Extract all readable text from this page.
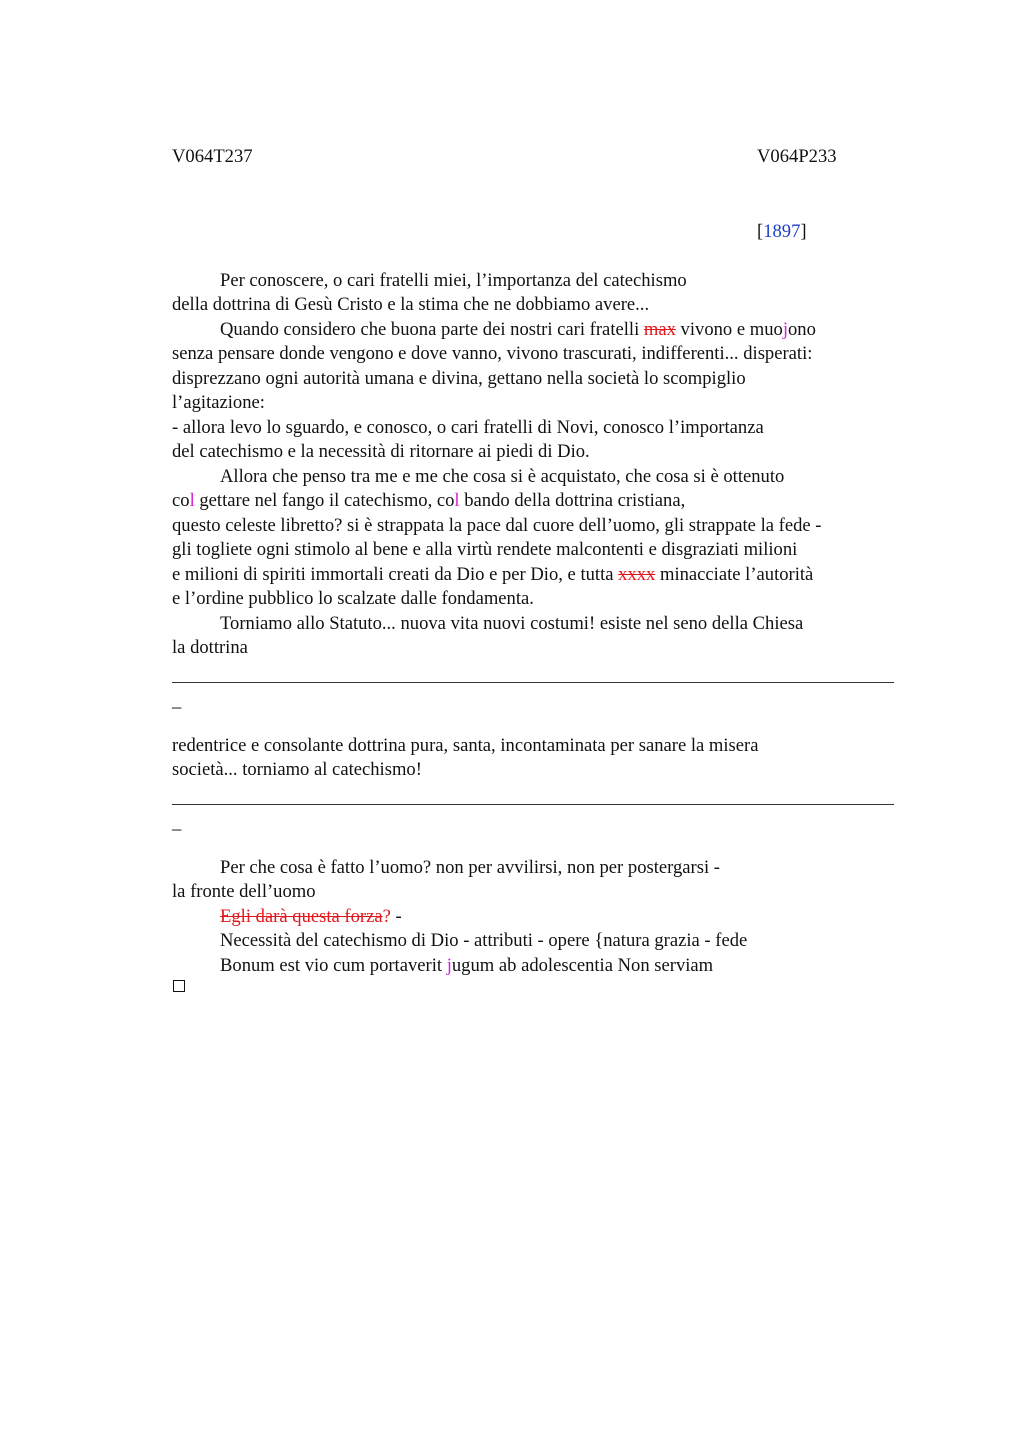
V064T237	V064P233
[1897]
Per conoscere, o cari fratelli miei, l’importanza del catechismo
della dottrina di Gesù Cristo e la stima che ne dobbiamo avere...
Quando considero che buona parte dei nostri cari fratelli max vivono e muojono
senza pensare donde vengono e dove vanno, vivono trascurati, indifferenti... disperati:
disprezzano ogni autorità umana e divina, gettano nella società lo scompiglio
l’agitazione:
- allora levo lo sguardo, e conosco, o cari fratelli di Novi, conosco l’importanza
del catechismo e la necessità di ritornare ai piedi di Dio.
Allora che penso tra me e me che cosa si è acquistato, che cosa si è ottenuto
col gettare nel fango il catechismo, col bando della dottrina cristiana,
questo celeste libretto? si è strappata la pace dal cuore dell’uomo, gli strappate la fede -
gli togliete ogni stimolo al bene e alla virtù rendete malcontenti e disgraziati milioni
e milioni di spiriti immortali creati da Dio e per Dio, e tutta xxxx minacciate l’autorità
e l’ordine pubblico lo scalzate dalle fondamenta.
Torniamo allo Statuto... nuova vita nuovi costumi! esiste nel seno della Chiesa
la dottrina
_
redentrice e consolante dottrina pura, santa, incontaminata per sanare la misera
società... torniamo al catechismo!
_
Per che cosa è fatto l’uomo? non per avvilirsi, non per postergarsi -
la fronte dell’uomo
Egli darà questa forza? -
Necessità del catechismo di Dio - attributi - opere {natura grazia - fede
Bonum est vio cum portaverit jugum ab adolescentia Non serviam
